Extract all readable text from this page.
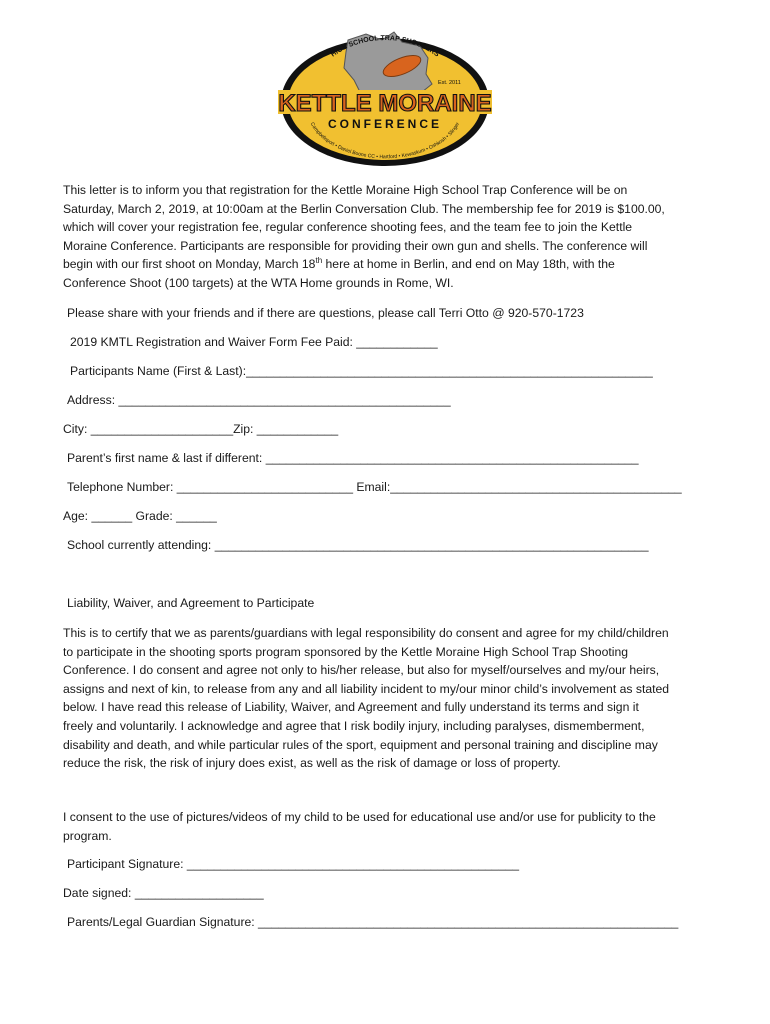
HIGH SCHOOL TRAP SHOOTERS
Est. 2011
KETTLE MORAINE
CONFERENCE
Campbellsport • Daniel Boone CC • Hartford • Kewaskum • Oshkosh • Slinger
This letter is to inform you that registration for the Kettle Moraine High School Trap Conference will be on
Saturday, March 2, 2019, at 10:00am at the Berlin Conversation Club. The membership fee for 2019 is $100.00,
which will cover your registration fee, regular conference shooting fees, and the team fee to join the Kettle
Moraine Conference. Participants are responsible for providing their own gun and shells. The conference will
begin with our first shoot on Monday, March 18th here at home in Berlin, and end on May 18th, with the
Conference Shoot (100 targets) at the WTA Home grounds in Rome, WI.
Please share with your friends and if there are questions, please call Terri Otto @ 920-570-1723
2019 KMTL Registration and Waiver Form Fee Paid: ____________
Participants Name (First & Last):____________________________________________________________
Address: _________________________________________________
City: _____________________Zip: ____________
Parent’s first name & last if different: _______________________________________________________
Telephone Number: __________________________ Email:___________________________________________
Age: ______ Grade: ______
School currently attending: ________________________________________________________________
Liability, Waiver, and Agreement to Participate
This is to certify that we as parents/guardians with legal responsibility do consent and agree for my child/children
to participate in the shooting sports program sponsored by the Kettle Moraine High School Trap Shooting
Conference. I do consent and agree not only to his/her release, but also for myself/ourselves and my/our heirs,
assigns and next of kin, to release from any and all liability incident to my/our minor child’s involvement as stated
below. I have read this release of Liability, Waiver, and Agreement and fully understand its terms and sign it
freely and voluntarily. I acknowledge and agree that I risk bodily injury, including paralyses, dismemberment,
disability and death, and while particular rules of the sport, equipment and personal training and discipline may
reduce the risk, the risk of injury does exist, as well as the risk of damage or loss of property.
I consent to the use of pictures/videos of my child to be used for educational use and/or use for publicity to the
program.
Participant Signature: _________________________________________________
Date signed: ___________________
Parents/Legal Guardian Signature: ______________________________________________________________
